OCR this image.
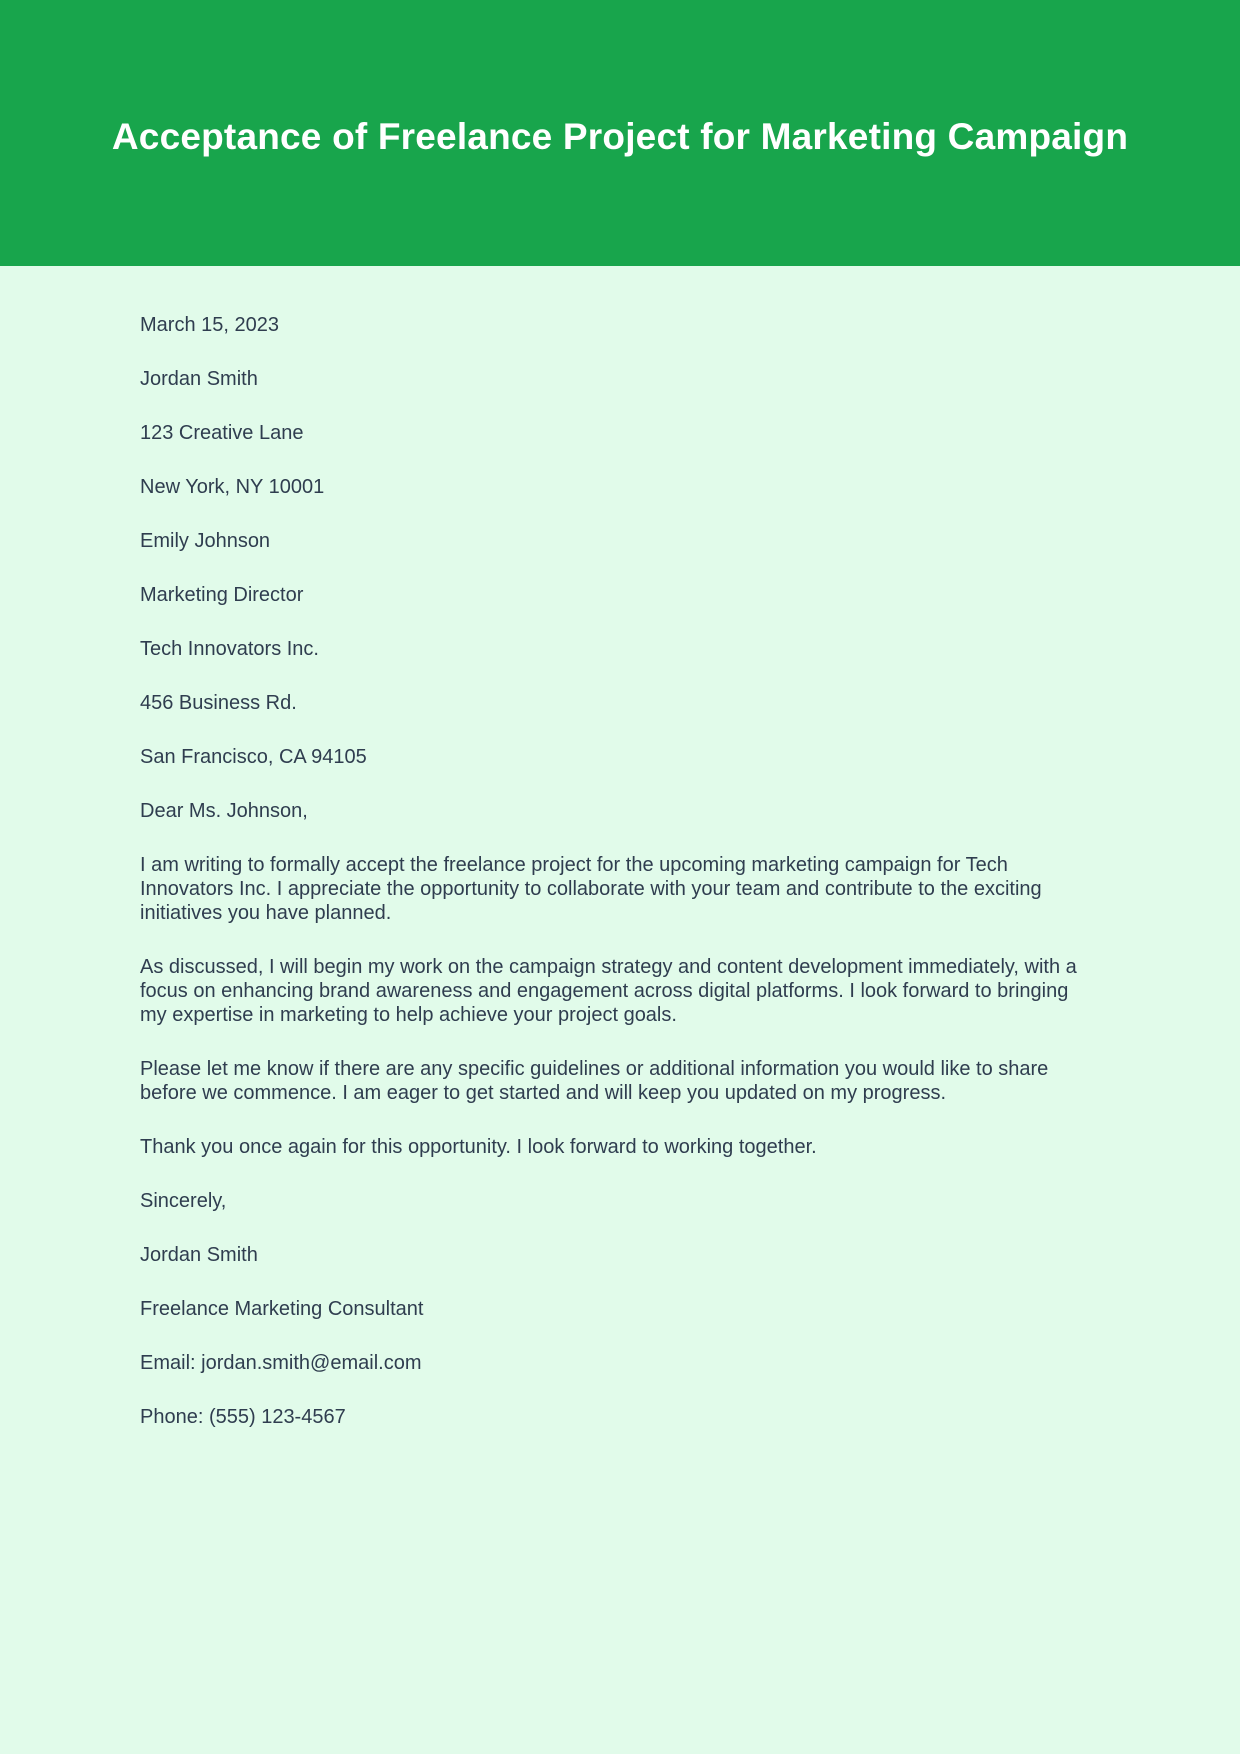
Acceptance of Freelance Project for Marketing Campaign

March 15, 2023

Jordan Smith

123 Creative Lane

New York, NY 10001

Emily Johnson

Marketing Director

Tech Innovators Inc.

456 Business Rd.

San Francisco, CA 94105

Dear Ms. Johnson,

I am writing to formally accept the freelance project for the upcoming marketing campaign for Tech Innovators Inc. I appreciate the opportunity to collaborate with your team and contribute to the exciting initiatives you have planned.

As discussed, I will begin my work on the campaign strategy and content development immediately, with a focus on enhancing brand awareness and engagement across digital platforms. I look forward to bringing my expertise in marketing to help achieve your project goals.

Please let me know if there are any specific guidelines or additional information you would like to share before we commence. I am eager to get started and will keep you updated on my progress.

Thank you once again for this opportunity. I look forward to working together.

Sincerely,

Jordan Smith

Freelance Marketing Consultant

Email: jordan.smith@email.com

Phone: (555) 123-4567
